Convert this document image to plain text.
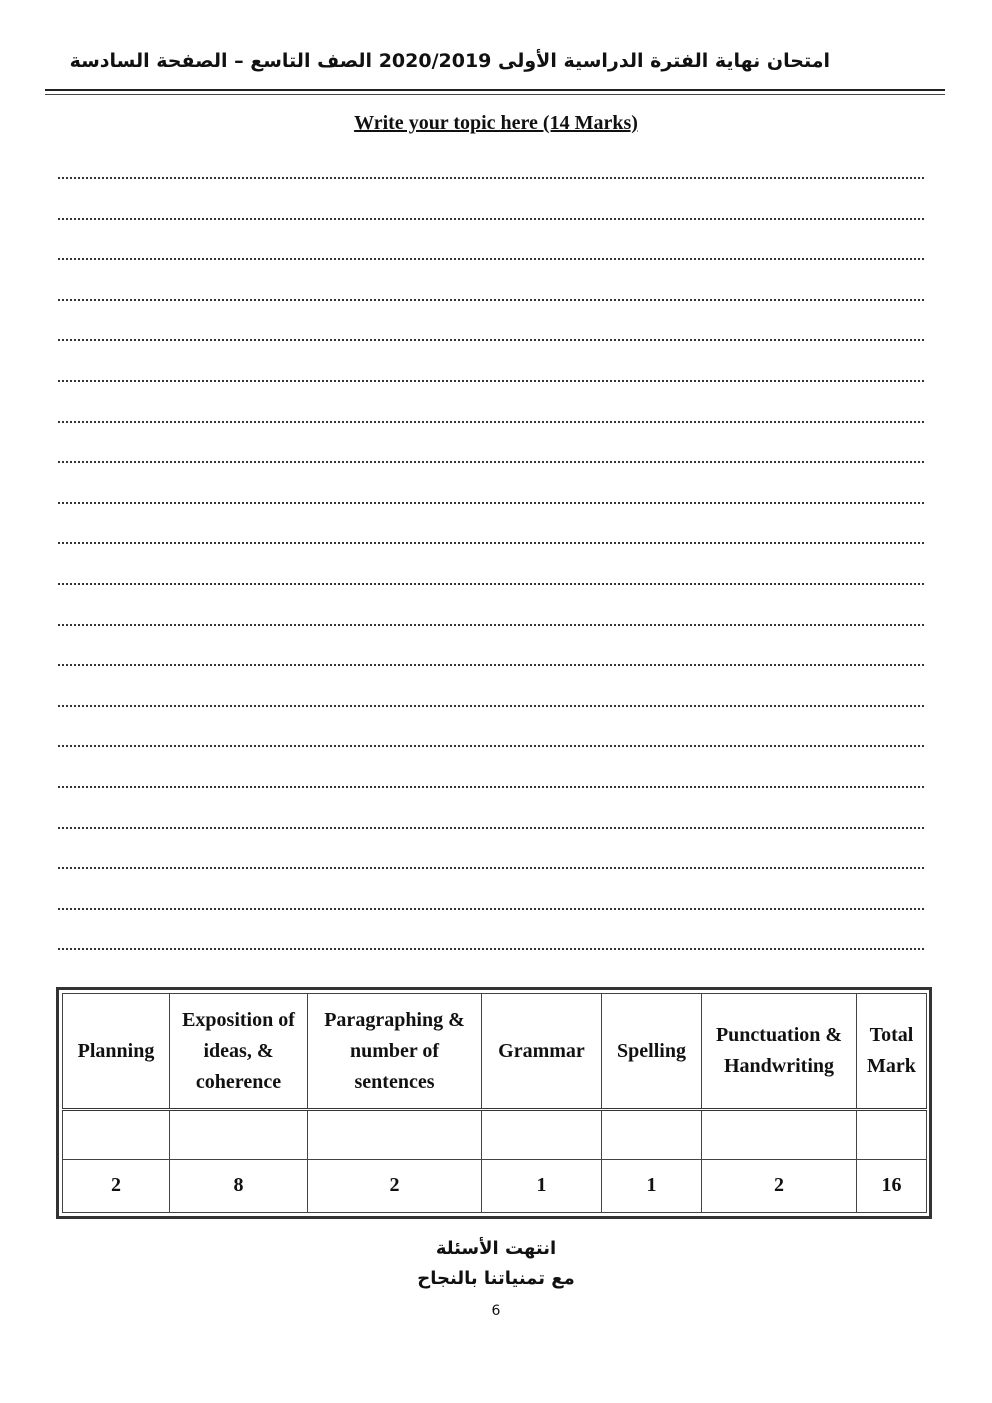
امتحان نهاية الفترة الدراسية الأولى 2020/2019 الصف التاسع – الصفحة السادسة
Write your topic here (14 Marks)
Planning	Exposition of ideas, & coherence	Paragraphing & number of sentences	Grammar	Spelling	Punctuation & Handwriting	Total Mark

2	8	2	1	1	2	16
انتهت الأسئلة
مع تمنياتنا بالنجاح
6
